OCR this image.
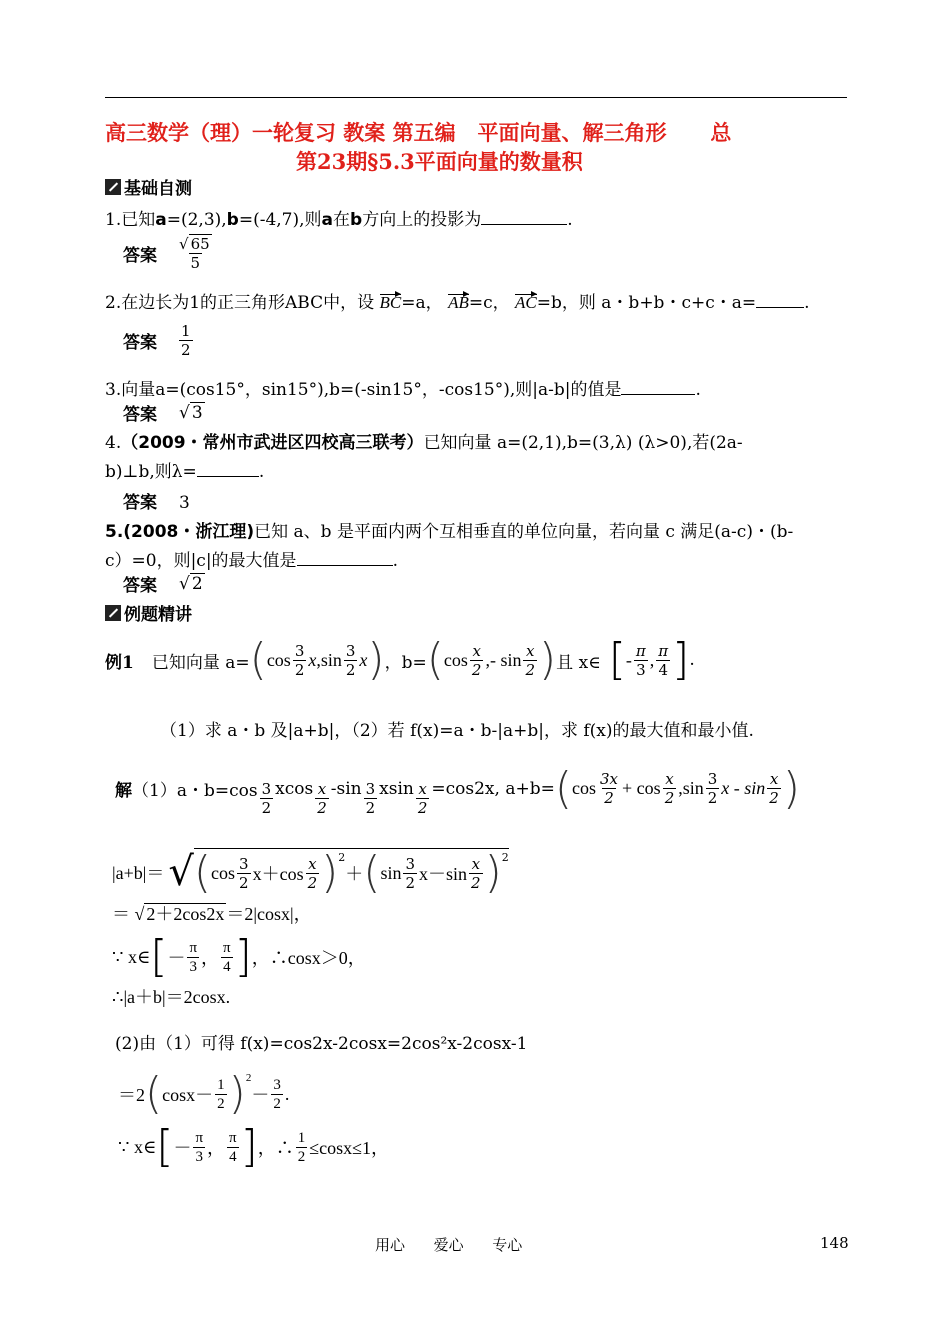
高三数学（理）一轮复习 教案 第五编   平面向量、解三角形      总
第23期§5.3平面向量的数量积
基础自测
1.已知a=(2,3),b=(-4,7),则a在b方向上的投影为	.
答案 $\frac{√ 65}{5}$
2.在边长为1的正三角形ABC中，设 BC=a， AB=c， AC=b，则 a・b+b・c+c・a=	.
答案 $\frac{1}{2}$
3.向量a=(cos15°，sin15°),b=(-sin15°，-cos15°),则|a-b|的值是	.
答案 √ 3
4.（2009・常州市武进区四校高三联考）已知向量 a=(2,1),b=(3,λ) (λ>0),若(2a-
b)⊥b,则λ=	.
答案 3
5.(2008・浙江理)已知 a、b 是平面内两个互相垂直的单位向量，若向量 c 满足(a-c)・(b-
c）=0，则|c|的最大值是	.
答案 √ 2
例题精讲
例1 已知向量 a= ( $\cos \frac{3}{2}$ x , $\sin \frac{3}{2}$ x ) ，b= ( $\cos \frac{x}{2}$ , - $\sin \frac{x}{2}$ ) 且 x∈ [ - $\frac{\pi}{3}$ , $\frac{\pi}{4}$ ] .
（1）求 a・b 及|a+b|，（2）若 f(x)=a・b-|a+b|，求 f(x)的最大值和最小值.
解 （1）a・$b=\cos \frac{3}{2}$ xcos $\frac{x}{2} -\sin \frac{3}{2}$ xsin $\frac{x}{2} =\cos 2x$, a+b= ( $\cos \frac{3x}{2} + \cos \frac{x}{2} ,\sin \frac{3}{2}$ x - $\sin \frac{x}{2}$ )
|a+b|＝ √ ( $\cos \frac{3}{2} x+\cos \frac{x}{2} )^2$
＋ ( $\sin \frac{3}{2} x-\sin \frac{x}{2} )^2$
＝ √ 2＋2cos2x ＝2|cosx|，
∵ x∈ [ － $\frac{\pi}{3}$ ， $\frac{\pi}{4}$ ] ，∴cosx＞0，
∴|a＋b|＝2cosx.
(2)由（1）可得 f(x)=cos2x-2cosx=2cos²x-2cosx-1
＝2 ( $\cos x- \frac{1}{2} )^2$
－ $\frac{3}{2}$ .
∵ x∈ [ － $\frac{\pi}{3}$ ， $\frac{\pi}{4}$ ] ，∴ $\frac{1}{2} \le\cos x\le 1$，
用心      爱心      专心	148
